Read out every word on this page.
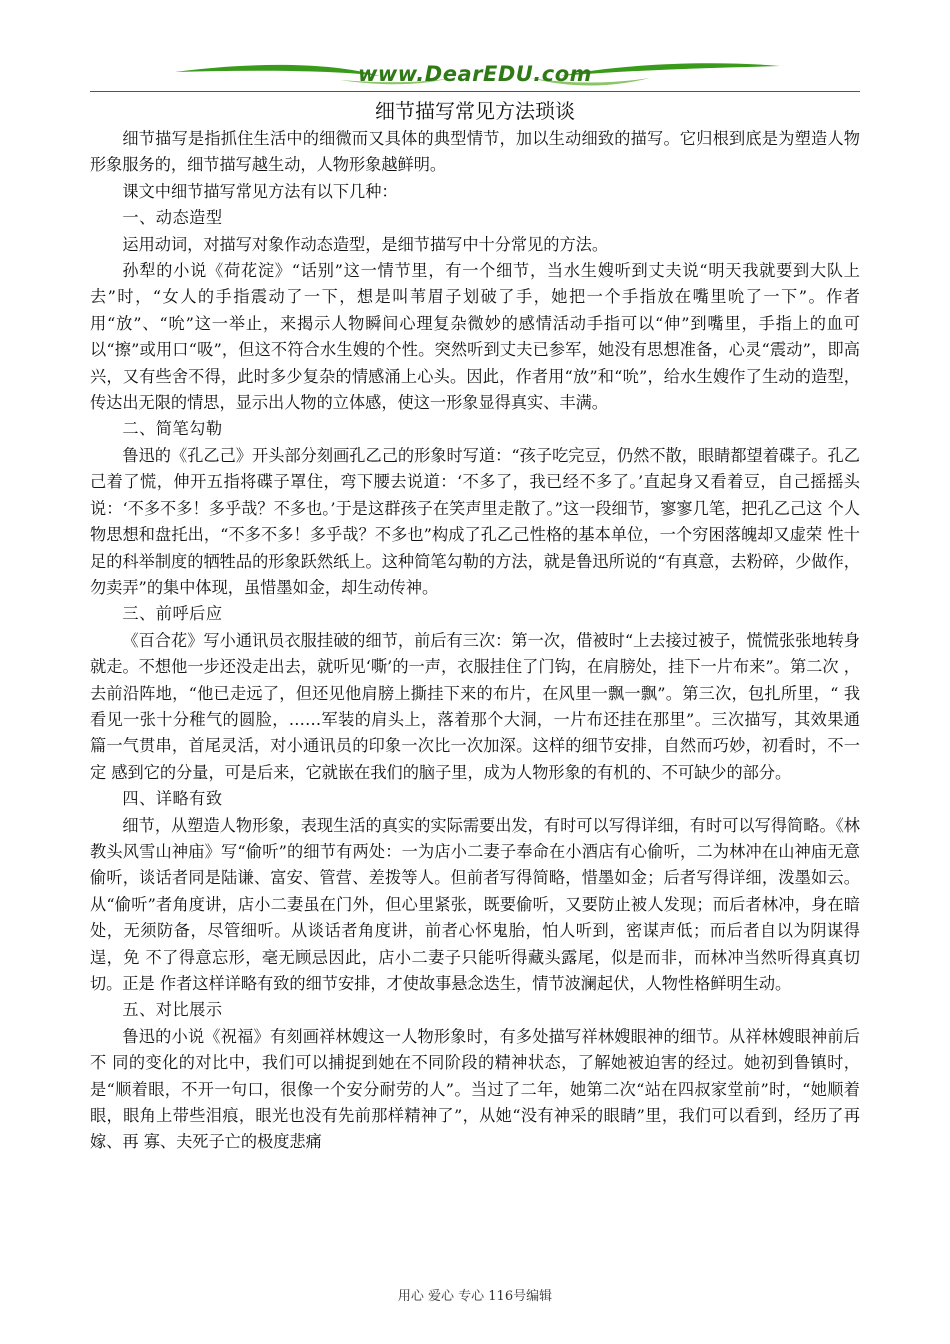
www.DearEDU.com
细节描写常见方法琐谈

细节描写是指抓住生活中的细微而又具体的典型情节，加以生动细致的描写。它归根到底是为塑造人物形象服务的，细节描写越生动，人物形象越鲜明。

课文中细节描写常见方法有以下几种：

一、动态造型

运用动词，对描写对象作动态造型，是细节描写中十分常见的方法。

孙犁的小说《荷花淀》“话别”这一情节里，有一个细节，当水生嫂听到丈夫说“明天我就要到大队上去”时，“女人的手指震动了一下，想是叫苇眉子划破了手，她把一个手指放在嘴里吮了一下”。作者用“放”、“吮”这一举止，来揭示人物瞬间心理复杂微妙的感情活动手指可以“伸”到嘴里，手指上的血可以“擦”或用口“吸”，但这不符合水生嫂的个性。突然听到丈夫已参军，她没有思想准备，心灵“震动”，即高兴，又有些舍不得，此时多少复杂的情感涌上心头。因此，作者用“放”和“吮”，给水生嫂作了生动的造型，传达出无限的情思，显示出人物的立体感，使这一形象显得真实、丰满。

二、简笔勾勒

鲁迅的《孔乙己》开头部分刻画孔乙己的形象时写道：“孩子吃完豆，仍然不散，眼睛都望着碟子。孔乙己着了慌，伸开五指将碟子罩住，弯下腰去说道：‘不多了，我已经不多了。’直起身又看着豆，自己摇摇头说：‘不多不多！多乎哉？不多也。’于是这群孩子在笑声里走散了。”这一段细节，寥寥几笔，把孔乙己这 个人物思想和盘托出，“不多不多！多乎哉？不多也”构成了孔乙己性格的基本单位，一个穷困落魄却又虚荣 性十足的科举制度的牺牲品的形象跃然纸上。这种简笔勾勒的方法，就是鲁迅所说的“有真意，去粉碎，少做作，勿卖弄”的集中体现，虽惜墨如金，却生动传神。

三、前呼后应

《百合花》写小通讯员衣服挂破的细节，前后有三次：第一次，借被时“上去接过被子，慌慌张张地转身 就走。不想他一步还没走出去，就听见‘嘶’的一声，衣服挂住了门钩，在肩膀处，挂下一片布来”。第二次 ，去前沿阵地，“他已走远了，但还见他肩膀上撕挂下来的布片，在风里一飘一飘”。第三次，包扎所里，“ 我看见一张十分稚气的圆脸，……军装的肩头上，落着那个大洞，一片布还挂在那里”。三次描写，其效果通 篇一气贯串，首尾灵活，对小通讯员的印象一次比一次加深。这样的细节安排，自然而巧妙，初看时，不一定 感到它的分量，可是后来，它就嵌在我们的脑子里，成为人物形象的有机的、不可缺少的部分。

四、详略有致

细节，从塑造人物形象，表现生活的真实的实际需要出发，有时可以写得详细，有时可以写得简略。《林教头风雪山神庙》写“偷听”的细节有两处：一为店小二妻子奉命在小酒店有心偷听，二为林冲在山神庙无意偷听，谈话者同是陆谦、富安、管营、差拨等人。但前者写得简略，惜墨如金；后者写得详细，泼墨如云。从“偷听”者角度讲，店小二妻虽在门外，但心里紧张，既要偷听，又要防止被人发现；而后者林冲，身在暗处，无须防备，尽管细听。从谈话者角度讲，前者心怀鬼胎，怕人听到，密谋声低；而后者自以为阴谋得逞，免 不了得意忘形，毫无顾忌因此，店小二妻子只能听得藏头露尾，似是而非，而林冲当然听得真真切切。正是 作者这样详略有致的细节安排，才使故事悬念迭生，情节波澜起伏，人物性格鲜明生动。

五、对比展示

鲁迅的小说《祝福》有刻画祥林嫂这一人物形象时，有多处描写祥林嫂眼神的细节。从祥林嫂眼神前后不 同的变化的对比中，我们可以捕捉到她在不同阶段的精神状态，了解她被迫害的经过。她初到鲁镇时，是“顺着眼，不开一句口，很像一个安分耐劳的人”。当过了二年，她第二次“站在四叔家堂前”时，“她顺着眼，眼角上带些泪痕，眼光也没有先前那样精神了”，从她“没有神采的眼睛”里，我们可以看到，经历了再嫁、再 寡、夫死子亡的极度悲痛

用心 爱心 专心 116号编辑
